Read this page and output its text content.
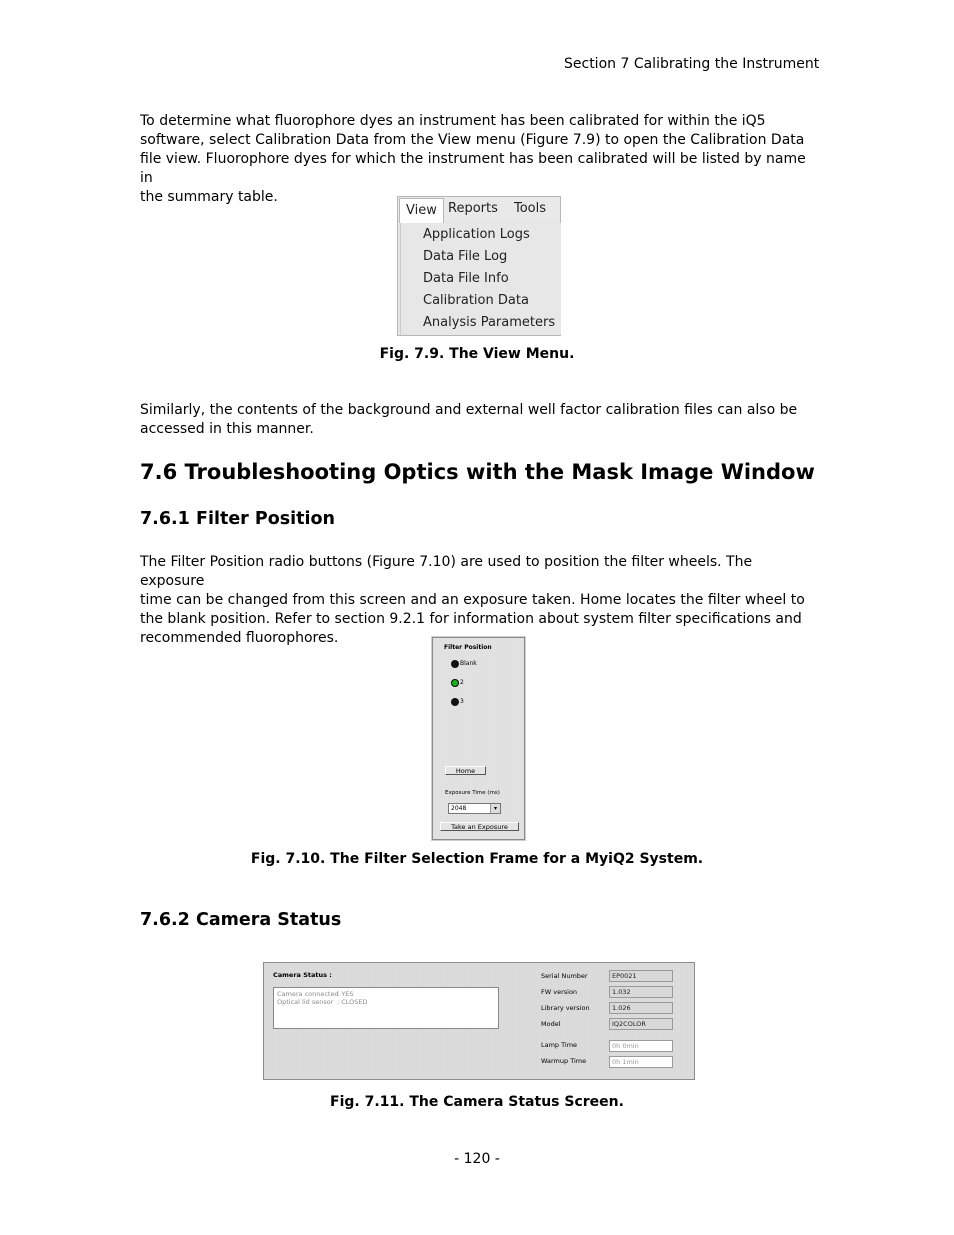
Section 7 Calibrating the Instrument
To determine what fluorophore dyes an instrument has been calibrated for within the iQ5
software, select Calibration Data from the View menu (Figure 7.9) to open the Calibration Data
file view. Fluorophore dyes for which the instrument has been calibrated will be listed by name in
the summary table.
View Reports	Tools
Application Logs
Data File Log
Data File Info
Calibration Data
Analysis Parameters
Fig. 7.9. The View Menu.
Similarly, the contents of the background and external well factor calibration files can also be
accessed in this manner.
7.6 Troubleshooting Optics with the Mask Image Window
7.6.1 Filter Position
The Filter Position radio buttons (Figure 7.10) are used to position the filter wheels. The exposure
time can be changed from this screen and an exposure taken. Home locates the filter wheel to
the blank position. Refer to section 9.2.1 for information about system filter specifications and
recommended fluorophores.
Filter Position
Blank
2
3
Home
Exposure Time (ms)
2048	▾
Take an Exposure
Fig. 7.10. The Filter Selection Frame for a MyiQ2 System.
7.6.2 Camera Status
Camera Status :
Camera connected
: YES
Optical lid sensor : CLOSED
Serial Number	EP0021
FW version	1.032
Library version	1.026
Model	IQ2COLOR
Lamp Time	0h 0min
Warmup Time	0h 1min
Fig. 7.11. The Camera Status Screen.
- 120 -
